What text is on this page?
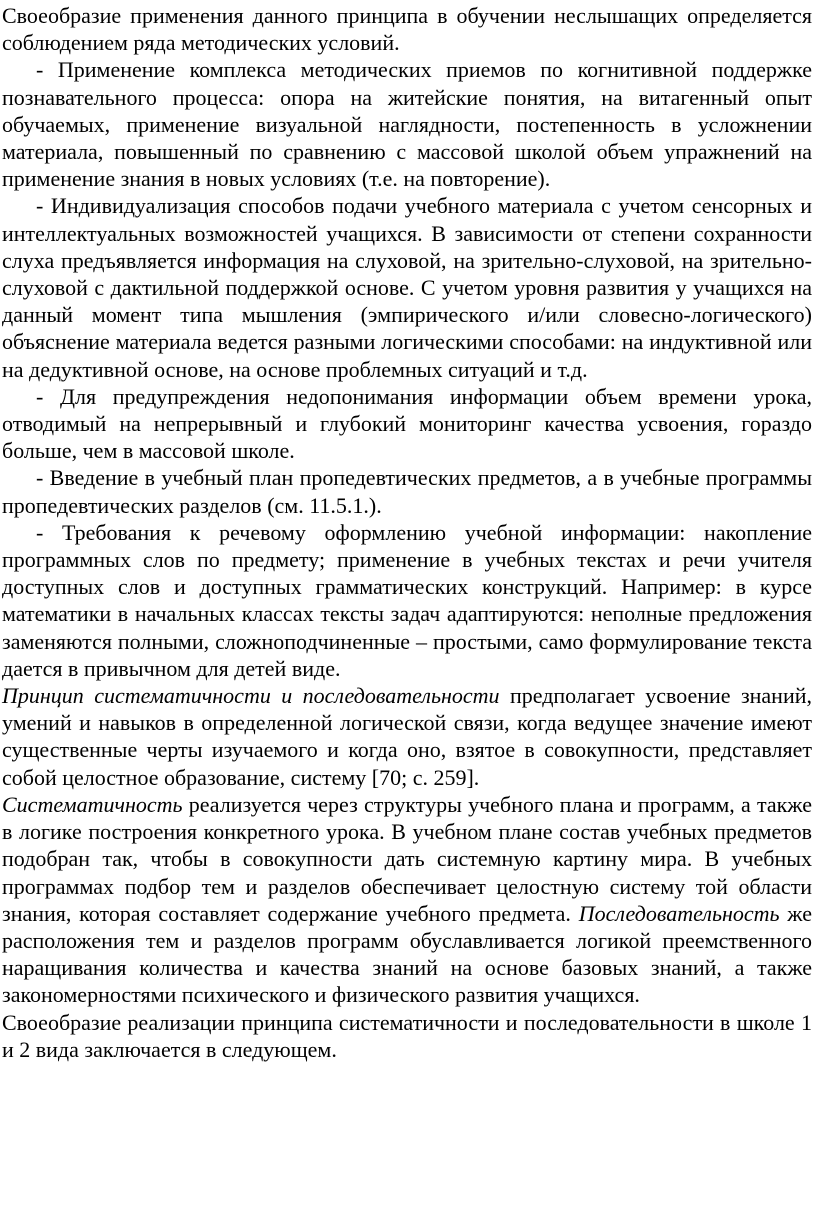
Своеобразие применения данного принципа в обучении неслышащих определяется соблюдением ряда методических условий.

- Применение комплекса методических приемов по когнитивной поддержке познавательного процесса: опора на житейские понятия, на витагенный опыт обучаемых, применение визуальной наглядности, постепенность в усложнении материала, повышенный по сравнению с массовой школой объем упражнений на применение знания в новых условиях (т.е. на повторение).

- Индивидуализация способов подачи учебного материала с учетом сенсорных и интеллектуальных возможностей учащихся. В зависимости от степени сохранности слуха предъявляется информация на слуховой, на зрительно-слуховой, на зрительно-слуховой с дактильной поддержкой основе. С учетом уровня развития у учащихся на данный момент типа мышления (эмпирического и/или словесно-логического) объяснение материала ведется разными логическими способами: на индуктивной или на дедуктивной основе, на основе проблемных ситуаций и т.д.

- Для предупреждения недопонимания информации объем времени урока, отводимый на непрерывный и глубокий мониторинг качества усвоения, гораздо больше, чем в массовой школе.

- Введение в учебный план пропедевтических предметов, а в учебные программы пропедевтических разделов (см. 11.5.1.).

- Требования к речевому оформлению учебной информации: накопление программных слов по предмету; применение в учебных текстах и речи учителя доступных слов и доступных грамматических конструкций. Например: в курсе математики в начальных классах тексты задач адаптируются: неполные предложения заменяются полными, сложноподчиненные – простыми, само формулирование текста дается в привычном для детей виде.

Принцип систематичности и последовательности предполагает усвоение знаний, умений и навыков в определенной логической связи, когда ведущее значение имеют существенные черты изучаемого и когда оно, взятое в совокупности, представляет собой целостное образование, систему [70; с. 259].

Систематичность реализуется через структуры учебного плана и программ, а также в логике построения конкретного урока. В учебном плане состав учебных предметов подобран так, чтобы в совокупности дать системную картину мира. В учебных программах подбор тем и разделов обеспечивает целостную систему той области знания, которая составляет содержание учебного предмета. Последовательность же расположения тем и разделов программ обуславливается логикой преемственного наращивания количества и качества знаний на основе базовых знаний, а также закономерностями психического и физического развития учащихся.

Своеобразие реализации принципа систематичности и последовательности в школе 1 и 2 вида заключается в следующем.
